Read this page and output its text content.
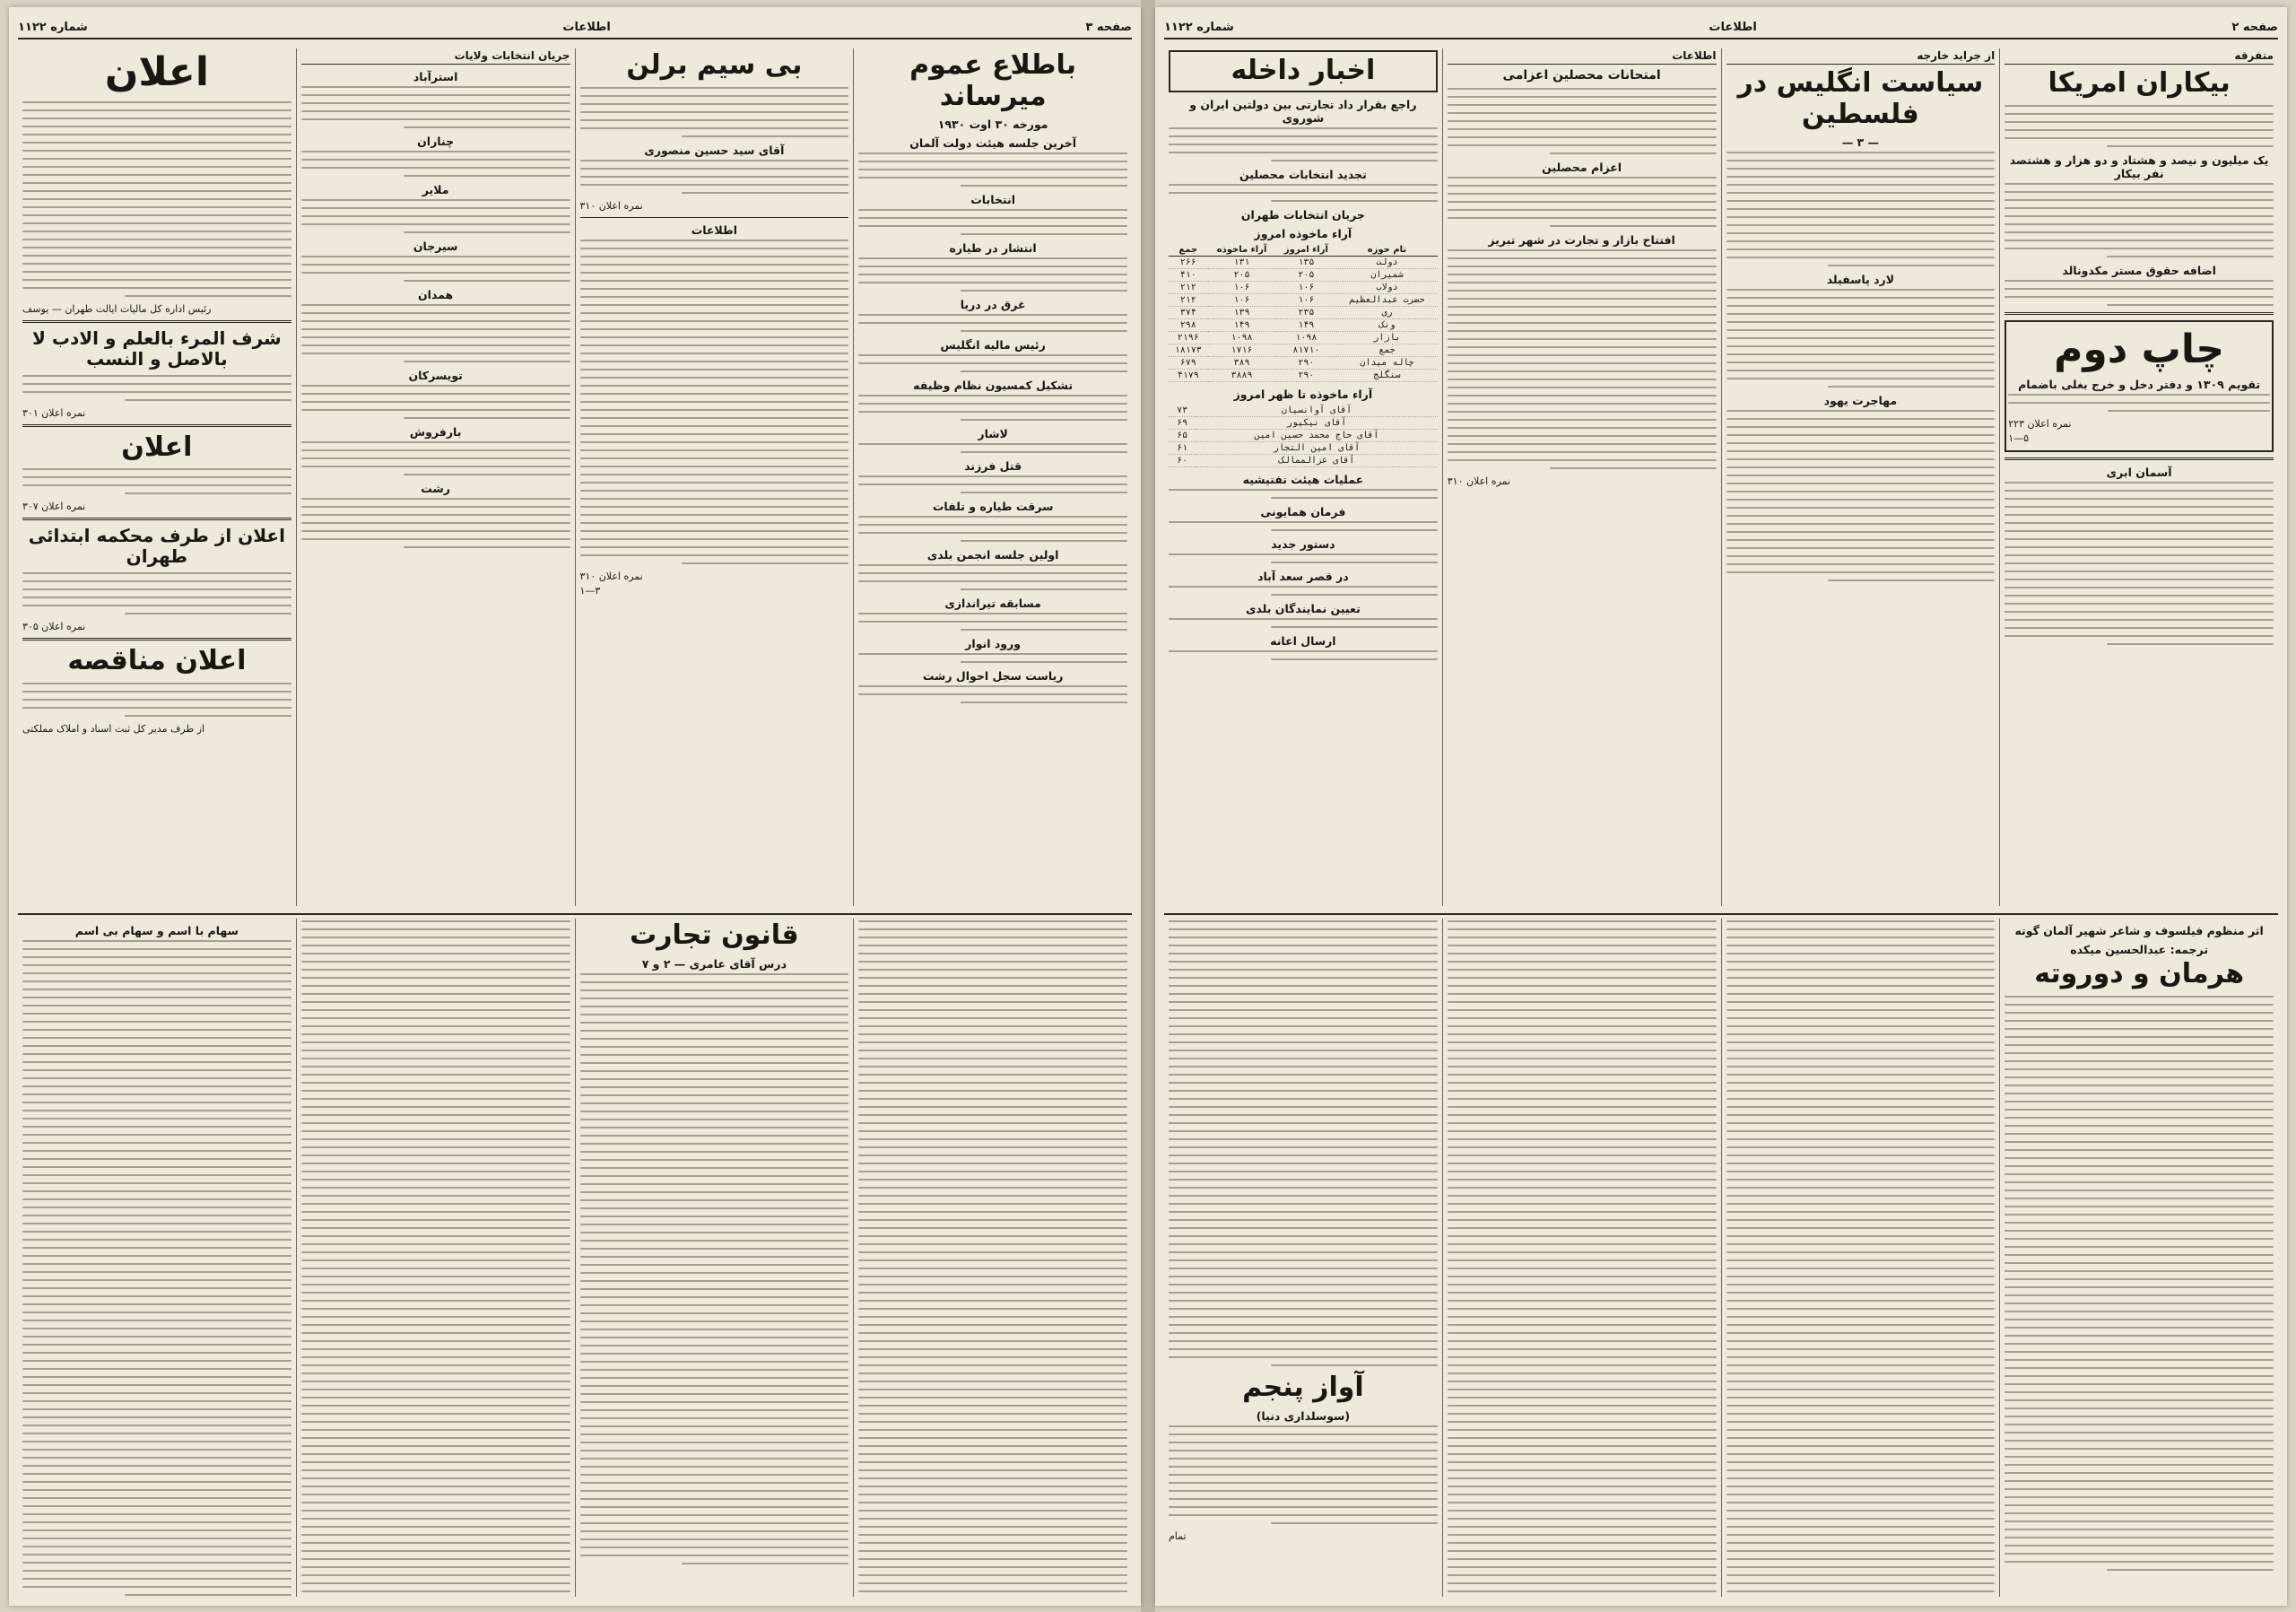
صفحه ۳
اطلاعات
شماره ۱۱۲۲
باطلاع عموم میرساند
مورخه ۳۰ اوت ۱۹۳۰
آخرین جلسه هیئت دولت آلمان
انتخابات
انتشار در طیاره
غرق در دریا
رئیس مالیه انگلیس
تشکیل کمسیون نظام وظیفه
لاشار
قتل فرزند
سرقت طیاره و تلفات
اولین جلسه انجمن بلدی
مسابقه تیراندازی
ورود انوار
ریاست سجل احوال رشت
بی سیم برلن
آقای سید حسین منصوری
نمره اعلان ۳۱۰
اطلاعات
نمره اعلان ۳۱۰
۳—۱
جریان انتخابات ولایات
استرآباد
چناران
ملایر
سیرجان
همدان
تویسرکان
بارفروش
رشت
اعلان
رئیس اداره کل مالیات ایالت طهران — یوسف
شرف المرء بالعلم و الادب لا بالاصل و النسب
نمره اعلان ۳۰۱
اعلان
نمره اعلان ۳۰۷
اعلان از طرف محکمه ابتدائی طهران
نمره اعلان ۳۰۵
اعلان مناقصه
از طرف مدیر کل ثبت اسناد و املاک مملکتی
قانون تجارت
درس آقای عامری — ۲ و ۷
سهام با اسم و سهام بی اسم
صفحه ۲
اطلاعات
شماره ۱۱۲۲
متفرقه
بیکاران امریکا
یک میلیون و نیصد و هشتاد و دو هزار و هشتصد نفر بیکار
اضافه حقوق مستر مکدونالد
چاپ دوم
تقویم ۱۳۰۹ و دفتر دخل و خرج بغلی باضمام
نمره اعلان ۲۲۳
۵—۱
آسمان ابری
از جراید خارجه
سیاست انگلیس در فلسطین
— ۳ —
لارد پاسفیلد
مهاجرت یهود
اطلاعات
امتحانات محصلین اعزامی
اعزام محصلین
افتتاح بازار و تجارت در شهر تبریز
نمره اعلان ۳۱۰
اخبار داخله
راجع بقرار داد تجارتی بین دولتین ایران و شوروی
تجدید انتخابات محصلین
جریان انتخابات طهران
آراء ماخوذه امروز
نام حوزه	آراء امروز	آراء ماخوذه	جمع
دولت	۱۳۵	۱۳۱	۲۶۶
شمیران	۲۰۵	۲۰۵	۴۱۰
دولاب	۱۰۶	۱۰۶	۲۱۲
حضرت عبدالعظیم	۱۰۶	۱۰۶	۲۱۲
ری	۲۳۵	۱۳۹	۳۷۴
ونک	۱۴۹	۱۴۹	۲۹۸
بازار	۱۰۹۸	۱۰۹۸	۲۱۹۶
جمع	۸۱۷۱۰	۱۷۱۶	۱۸۱۷۳
چاله میدان	۲۹۰	۳۸۹	۶۷۹
سنگلج	۲۹۰	۳۸۸۹	۴۱۷۹
آراء ماخوذه تا ظهر امروز
آقای آوانسیان	۷۳
آقای نیکپور	۶۹
آقای حاج محمد حسین امین	۶۵
آقای امین التجار	۶۱
آقای عزالممالک	۶۰
عملیات هیئت تفتیشیه
فرمان همایونی
دستور جدید
در قصر سعد آباد
تعیین نمایندگان بلدی
ارسال اعانه
اثر منظوم فیلسوف و شاعر شهیر آلمان گوته
ترجمه: عبدالحسین میکده
هرمان و دوروته
آواز پنجم
(سوسلداری دنیا)
تمام
